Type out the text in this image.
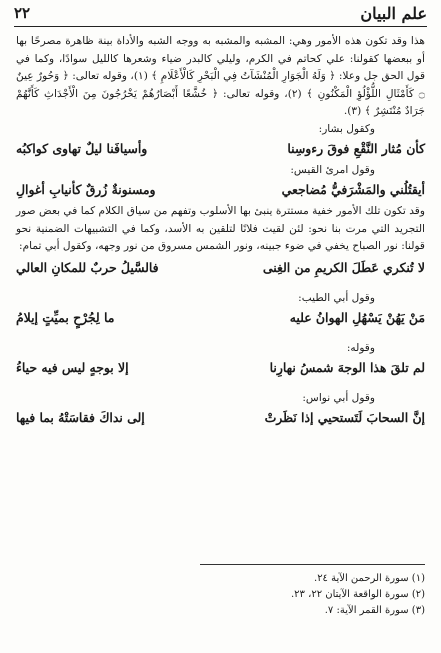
علم البيان
٢٢

هذا وقد تكون هذه الأمور وهي: المشبه والمشبه به ووجه الشبه والأداة بينة ظاهرة مصرحًا بها أو ببعضها كقولنا: علي كحاتم في الكرم، وليلي كالبدر ضياء وشعرها كالليل سوادًا، وكما في قول الحق جل وعلا: ﴿ وَلَهُ الْجَوَارِ الْمُنْشَآتُ فِي الْبَحْرِ كَالْأَعْلَامِ ﴾ (١)، وقوله تعالى: ﴿ وَحُورٌ عِينٌ ۝ كَأَمْثَالِ اللُّؤْلُؤِ الْمَكْنُونِ ﴾ (٢)، وقوله تعالى: ﴿ خُشَّعًا أَبْصَارُهُمْ يَخْرُجُونَ مِنَ الْأَجْدَاثِ كَأَنَّهُمْ جَرَادٌ مُنْتَشِرٌ ﴾ (٣).

وكقول بشار:

كأن مُثار النَّقْعِ فوقَ رءوسِنا
وأسيافَنا ليلٌ تهاوى كواكبُه

وقول امرئ القيس:

أيقتُلُني والمَشْرَفيُّ مُضاجعي
ومسنونةٌ زُرقٌ كأنيابِ أغوالِ

وقد تكون تلك الأمور خفية مستترة ينبئ بها الأسلوب وتفهم من سياق الكلام كما في بعض صور التجريد التي مرت بنا نحو: لئن لقيت فلانًا لتلقين به الأسد، وكما في التشبيهات الضمنية نحو قولنا: نور الصباح يخفي في ضوء جبينه، ونور الشمس مسروق من نور وجهه، وكقول أبي تمام:

لا تُنكري عَطَلَ الكريمِ من الغِنى
فالسَّيلُ حربٌ للمكانِ العالي

وقول أبي الطيب:

مَنْ يَهُنْ يَسْهُلِ الهوانُ عليه
ما لِجُرْحٍ بميِّتٍ إيلامُ

وقوله:

لم تلقَ هذا الوجهَ شمسُ نهارِنا
إلا بوجهٍ ليس فيه حياءُ

وقول أبي نواس:

إنَّ السحابَ لَتَستحيي إذا نَظَرتْ
إلى نداكَ فقاسَتْهُ بما فيها
(١) سورة الرحمن الآية ٢٤.
(٢) سورة الواقعة الآيتان ٢٢، ٢٣.
(٣) سورة القمر الآية: ٧.
